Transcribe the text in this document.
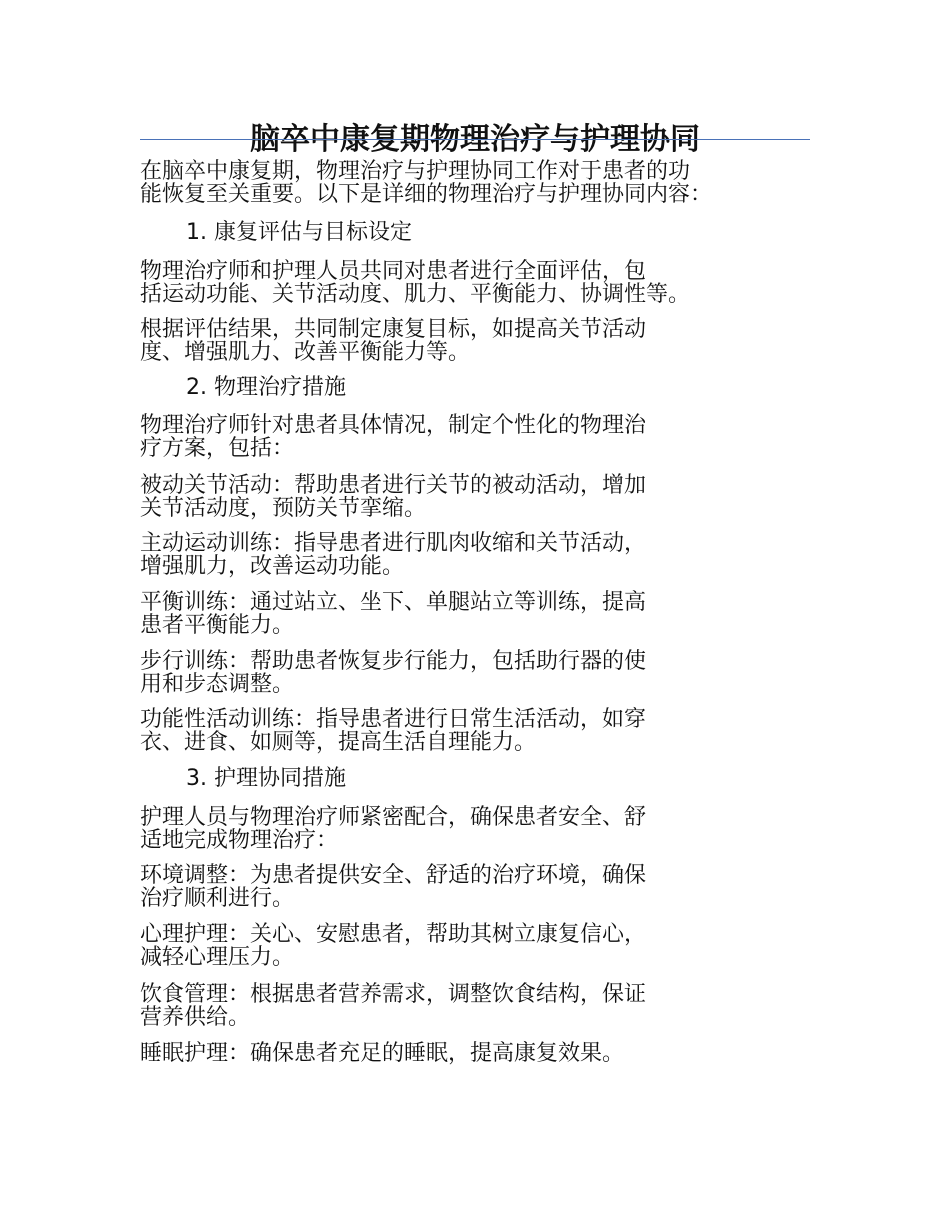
脑卒中康复期物理治疗与护理协同

在脑卒中康复期，物理治疗与护理协同工作对于患者的功
能恢复至关重要。以下是详细的物理治疗与护理协同内容：

1. 康复评估与目标设定

物理治疗师和护理人员共同对患者进行全面评估，包
括运动功能、关节活动度、肌力、平衡能力、协调性等。

根据评估结果，共同制定康复目标，如提高关节活动
度、增强肌力、改善平衡能力等。

2. 物理治疗措施

物理治疗师针对患者具体情况，制定个性化的物理治
疗方案，包括：

被动关节活动：帮助患者进行关节的被动活动，增加
关节活动度，预防关节挛缩。

主动运动训练：指导患者进行肌肉收缩和关节活动，
增强肌力，改善运动功能。

平衡训练：通过站立、坐下、单腿站立等训练，提高
患者平衡能力。

步行训练：帮助患者恢复步行能力，包括助行器的使
用和步态调整。

功能性活动训练：指导患者进行日常生活活动，如穿
衣、进食、如厕等，提高生活自理能力。

3. 护理协同措施

护理人员与物理治疗师紧密配合，确保患者安全、舒
适地完成物理治疗：

环境调整：为患者提供安全、舒适的治疗环境，确保
治疗顺利进行。

心理护理：关心、安慰患者，帮助其树立康复信心，
减轻心理压力。

饮食管理：根据患者营养需求，调整饮食结构，保证
营养供给。

睡眠护理：确保患者充足的睡眠，提高康复效果。
